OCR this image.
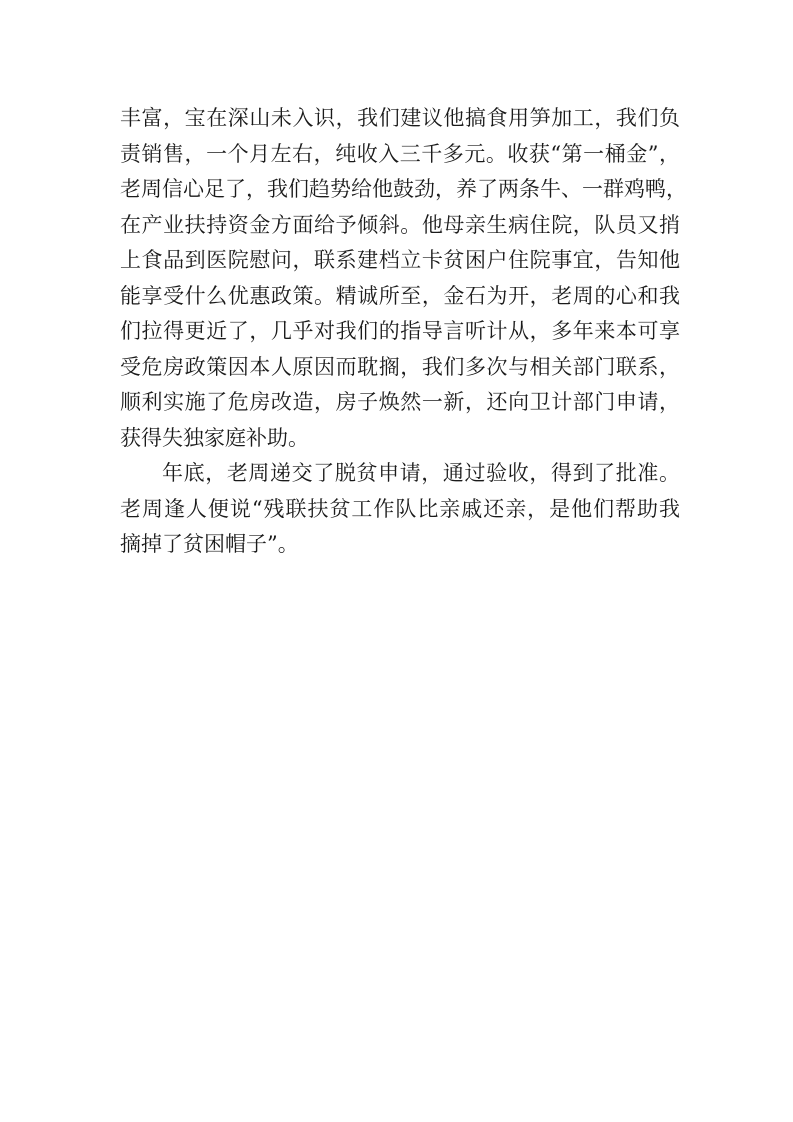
丰富，宝在深山未入识，我们建议他搞食用笋加工，我们负
责销售，一个月左右，纯收入三千多元。收获“第一桶金”，
老周信心足了，我们趋势给他鼓劲，养了两条牛、一群鸡鸭，
在产业扶持资金方面给予倾斜。他母亲生病住院，队员又捎
上食品到医院慰问，联系建档立卡贫困户住院事宜，告知他
能享受什么优惠政策。精诚所至，金石为开，老周的心和我
们拉得更近了，几乎对我们的指导言听计从，多年来本可享
受危房政策因本人原因而耽搁，我们多次与相关部门联系，
顺利实施了危房改造，房子焕然一新，还向卫计部门申请，
获得失独家庭补助。
年底，老周递交了脱贫申请，通过验收，得到了批准。
老周逢人便说“残联扶贫工作队比亲戚还亲，是他们帮助我
摘掉了贫困帽子”。
